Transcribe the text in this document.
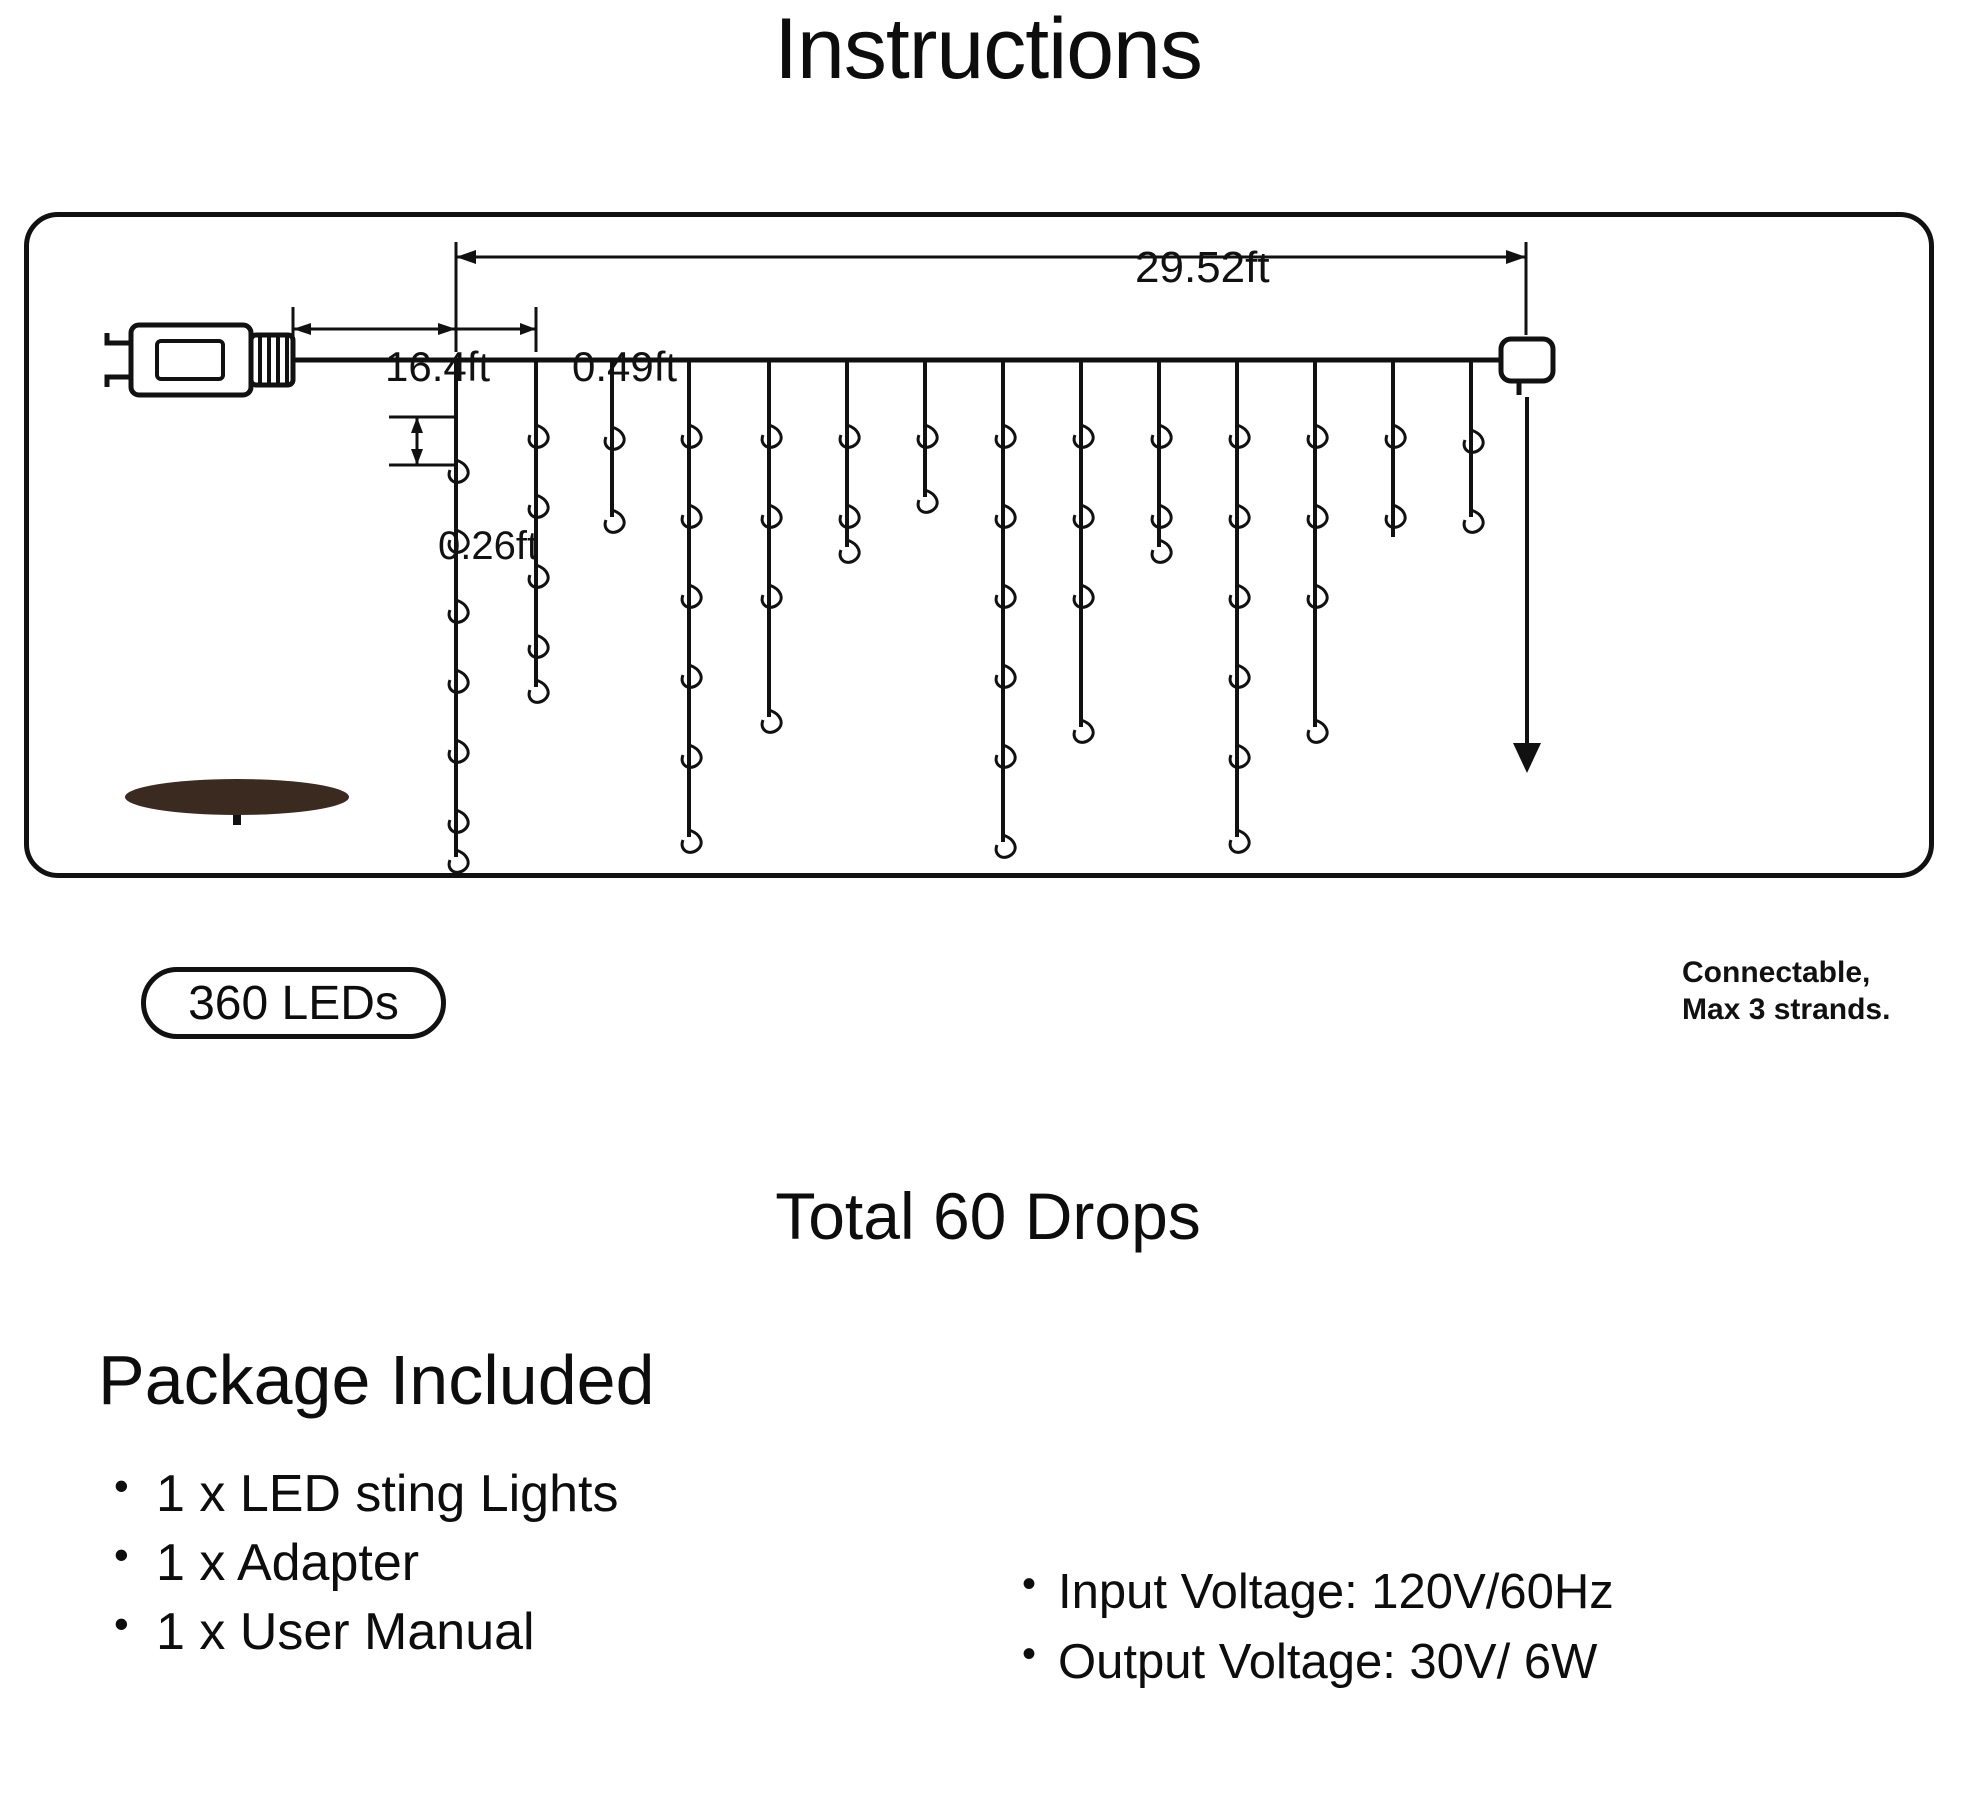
Instructions
360 LEDs
29.52ft
16.4ft 0.49ft
0.26ft
Connectable, Max 3 strands.
Total 60 Drops
Package Included
• 1 x LED sting Lights
• 1 x Adapter
• 1 x User Manual
• Input Voltage: 120V/60Hz
• Output Voltage: 30V/ 6W
